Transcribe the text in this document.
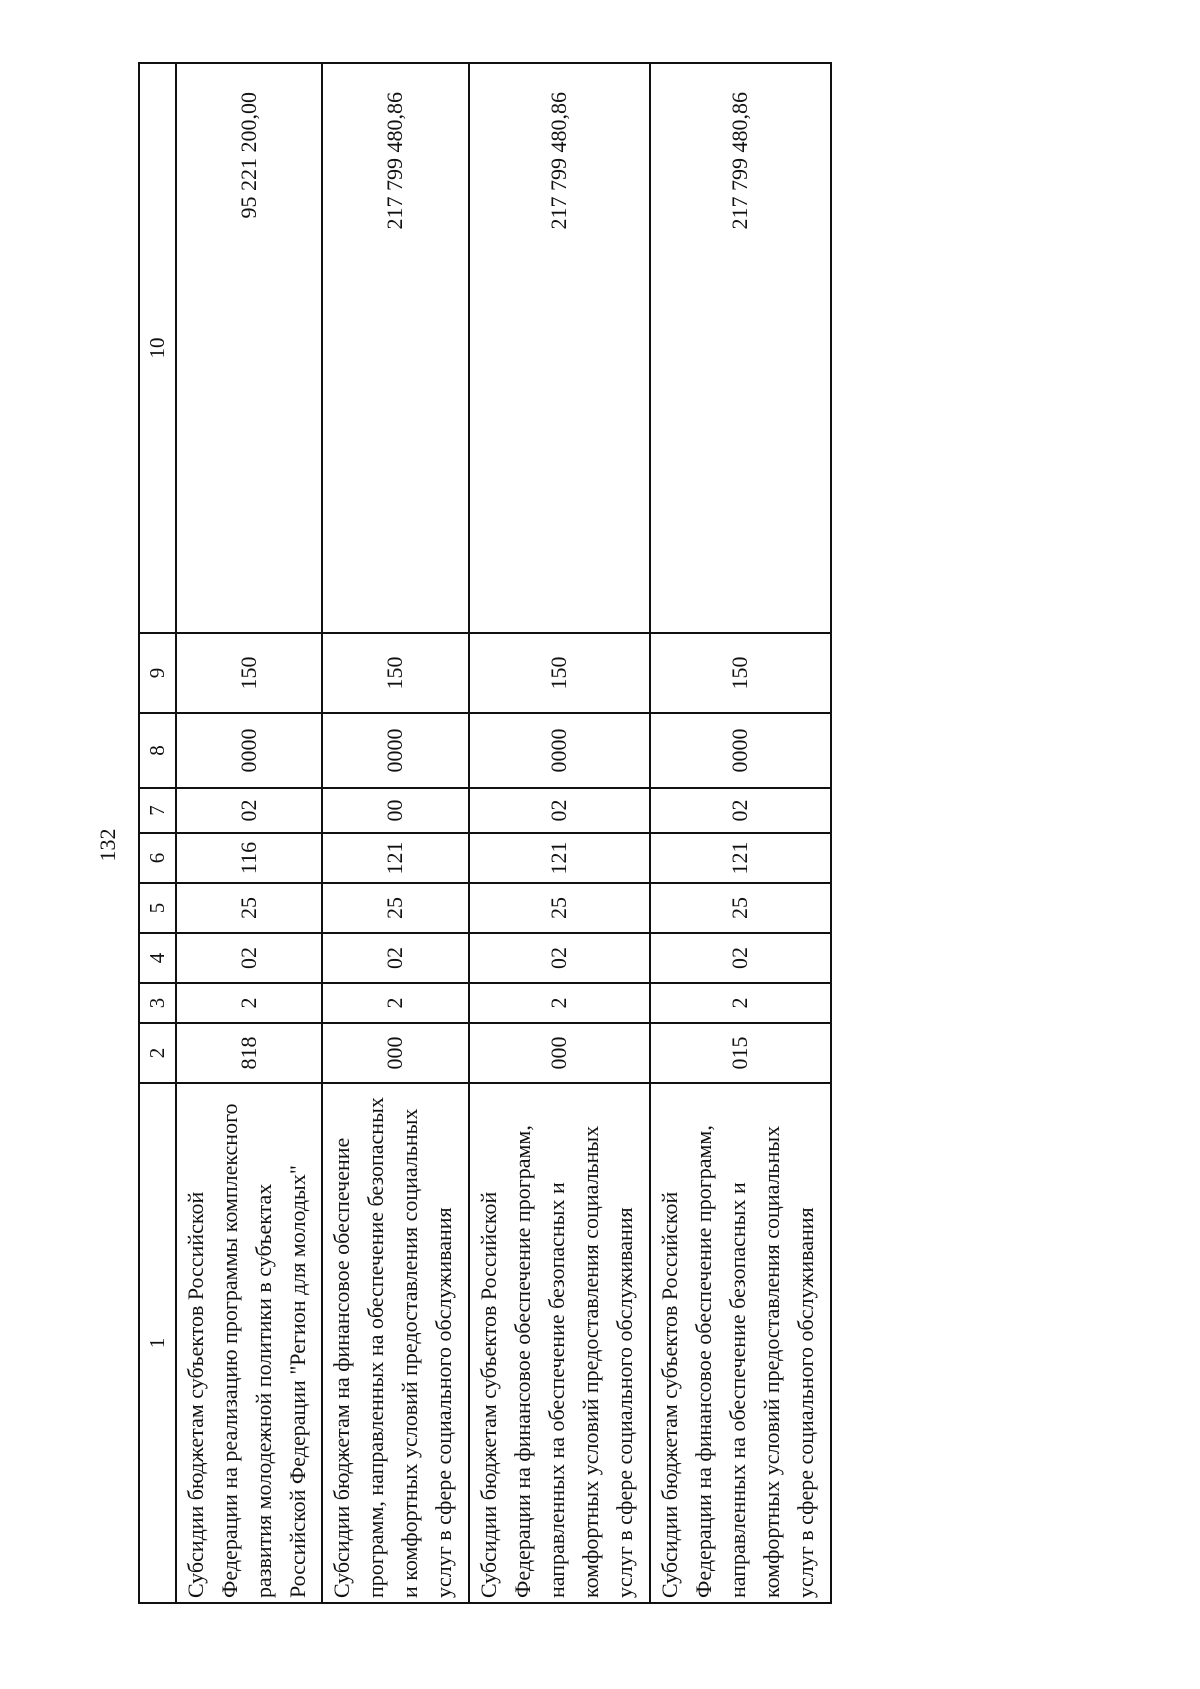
132
1	2	3	4	5	6	7	8	9	10
Субсидии бюджетам субъектов Российской Федерации на реализацию программы комплексного развития молодежной политики в субъектах Российской Федерации "Регион для молодых"	818	2	02	25	116	02	0000	150	95 221 200,00
Субсидии бюджетам на финансовое обеспечение программ, направленных на обеспечение безопасных и комфортных условий предоставления социальных услуг в сфере социального обслуживания	000	2	02	25	121	00	0000	150	217 799 480,86
Субсидии бюджетам субъектов Российской Федерации на финансовое обеспечение программ, направленных на обеспечение безопасных и комфортных условий предоставления социальных услуг в сфере социального обслуживания	000	2	02	25	121	02	0000	150	217 799 480,86
Субсидии бюджетам субъектов Российской Федерации на финансовое обеспечение программ, направленных на обеспечение безопасных и комфортных условий предоставления социальных услуг в сфере социального обслуживания	015	2	02	25	121	02	0000	150	217 799 480,86
